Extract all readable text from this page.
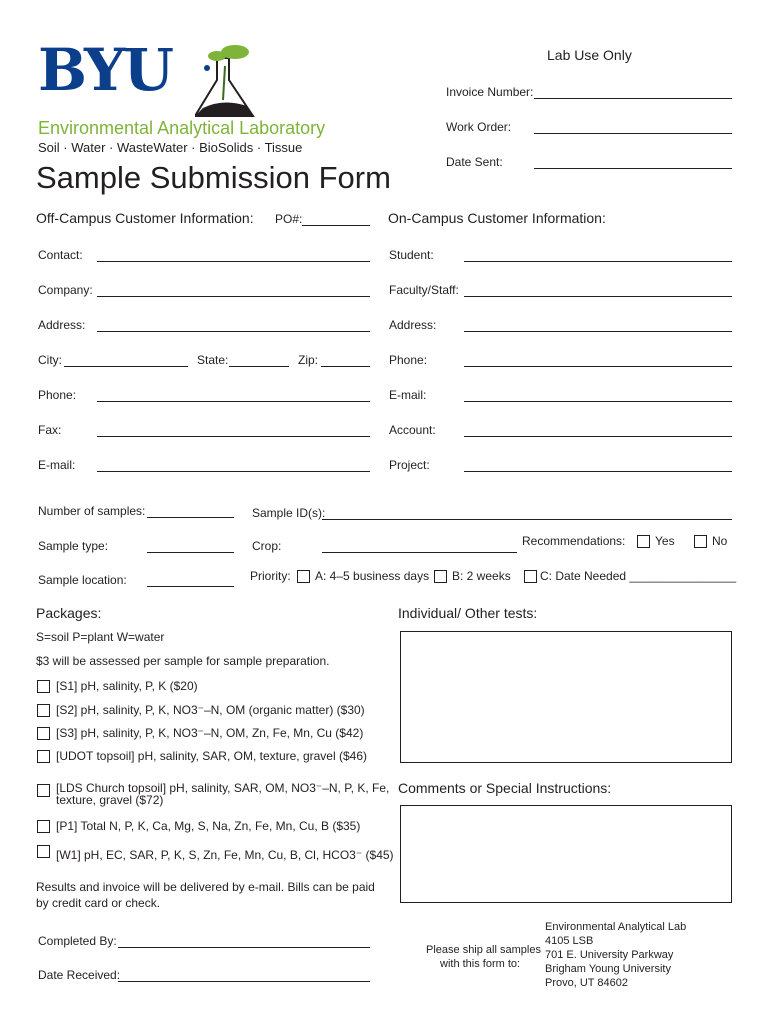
BYU
Environmental Analytical Laboratory
Soil · Water · WasteWater · BioSolids · Tissue
Lab Use Only
Invoice Number:
Work Order:
Date Sent:
Sample Submission Form
Off-Campus Customer Information: PO#:
Contact:
Company:
Address:
City:	State:	Zip:
Phone:
Fax:
E-mail:
On-Campus Customer Information:
Student:
Faculty/Staff:
Address:
Phone:
E-mail:
Account:
Project:
Number of samples:	Sample ID(s):
Sample type:	Crop:	Recommendations: Yes	No
Sample location:	Priority: A: 4–5 business days B: 2 weeks C: Date Needed ________________
Packages:
S=soil P=plant W=water
$3 will be assessed per sample for sample preparation.
[S1] pH, salinity, P, K ($20)
[S2] pH, salinity, P, K, NO3⁻–N, OM (organic matter) ($30)
[S3] pH, salinity, P, K, NO3⁻–N, OM, Zn, Fe, Mn, Cu ($42)
[UDOT topsoil] pH, salinity, SAR, OM, texture, gravel ($46)
[LDS Church topsoil] pH, salinity, SAR, OM, NO3⁻–N, P, K, Fe,
texture, gravel ($72)
[P1] Total N, P, K, Ca, Mg, S, Na, Zn, Fe, Mn, Cu, B ($35)
[W1] pH, EC, SAR, P, K, S, Zn, Fe, Mn, Cu, B, Cl, HCO3⁻ ($45)
Results and invoice will be delivered by e-mail. Bills can be paid
by credit card or check.
Individual/ Other tests:
Comments or Special Instructions:
Completed By:
Date Received:
Please ship all samples
with this form to:
Environmental Analytical Lab
4105 LSB
701 E. University Parkway
Brigham Young University
Provo, UT 84602
